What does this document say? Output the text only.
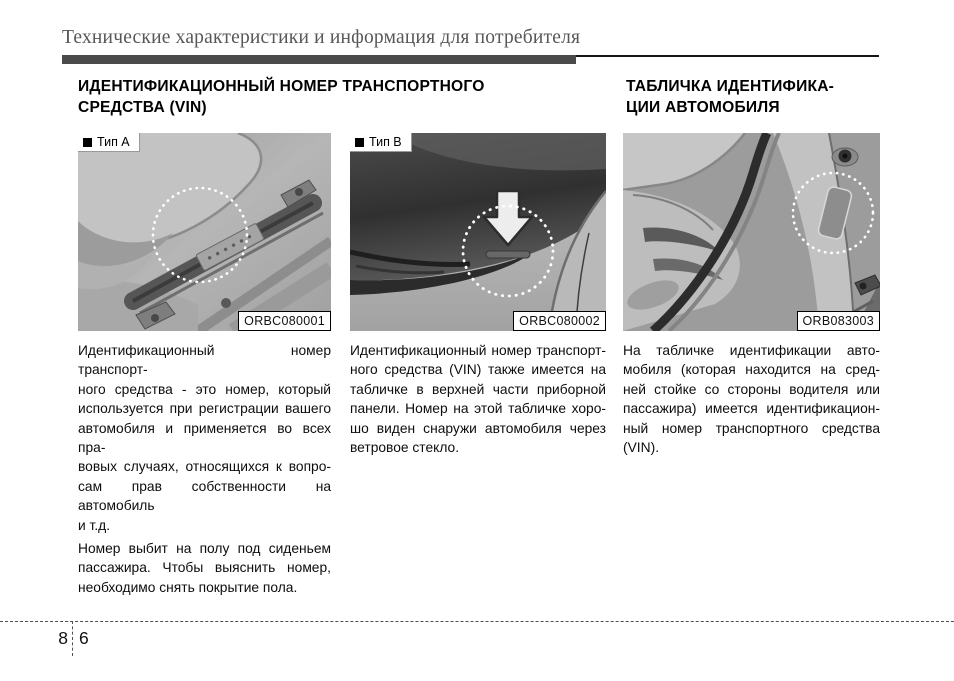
Технические характеристики и информация для потребителя
ИДЕНТИФИКАЦИОННЫЙ НОМЕР ТРАНСПОРТНОГО
СРЕДСТВА (VIN)
ТАБЛИЧКА ИДЕНТИФИКА-
ЦИИ АВТОМОБИЛЯ
Тип A
ORBC080001
Тип B
ORBC080002	ORB083003
Идентификационный номер транспорт-
ного средства - это номер, который
используется при регистрации вашего
автомобиля и применяется во всех пра-
вовых случаях, относящихся к вопро-
сам прав собственности на автомобиль
и т.д.
Номер выбит на полу под сиденьем
пассажира. Чтобы выяснить номер,
необходимо снять покрытие пола.
Идентификационный номер транспорт-
ного средства (VIN) также имеется на
табличке в верхней части приборной
панели. Номер на этой табличке хоро-
шо виден снаружи автомобиля через
ветровое стекло.
На табличке идентификации авто-
мобиля (которая находится на сред-
ней стойке со стороны водителя или
пассажира) имеется идентификацион-
ный номер транспортного средства
(VIN).
8 6
